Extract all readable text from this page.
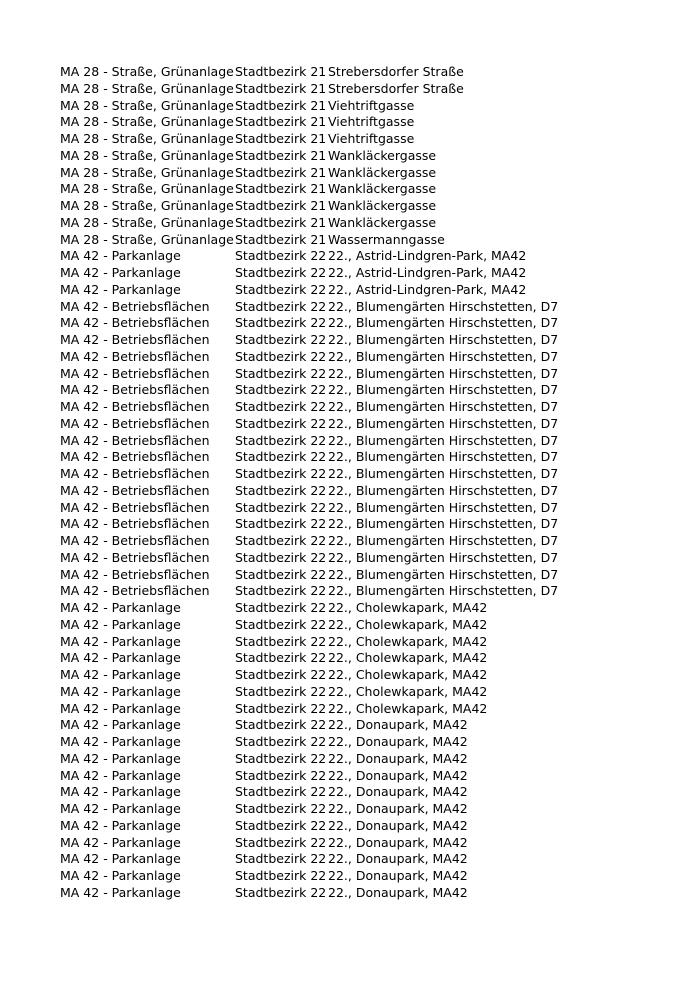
MA 28 - Straße, Grünanlage	Stadtbezirk 21	Strebersdorfer Straße
MA 28 - Straße, Grünanlage	Stadtbezirk 21	Strebersdorfer Straße
MA 28 - Straße, Grünanlage	Stadtbezirk 21	Viehtriftgasse
MA 28 - Straße, Grünanlage	Stadtbezirk 21	Viehtriftgasse
MA 28 - Straße, Grünanlage	Stadtbezirk 21	Viehtriftgasse
MA 28 - Straße, Grünanlage	Stadtbezirk 21	Wankläckergasse
MA 28 - Straße, Grünanlage	Stadtbezirk 21	Wankläckergasse
MA 28 - Straße, Grünanlage	Stadtbezirk 21	Wankläckergasse
MA 28 - Straße, Grünanlage	Stadtbezirk 21	Wankläckergasse
MA 28 - Straße, Grünanlage	Stadtbezirk 21	Wankläckergasse
MA 28 - Straße, Grünanlage	Stadtbezirk 21	Wassermanngasse
MA 42 - Parkanlage	Stadtbezirk 22	22., Astrid-Lindgren-Park, MA42
MA 42 - Parkanlage	Stadtbezirk 22	22., Astrid-Lindgren-Park, MA42
MA 42 - Parkanlage	Stadtbezirk 22	22., Astrid-Lindgren-Park, MA42
MA 42 - Betriebsflächen	Stadtbezirk 22	22., Blumengärten Hirschstetten, D7
MA 42 - Betriebsflächen	Stadtbezirk 22	22., Blumengärten Hirschstetten, D7
MA 42 - Betriebsflächen	Stadtbezirk 22	22., Blumengärten Hirschstetten, D7
MA 42 - Betriebsflächen	Stadtbezirk 22	22., Blumengärten Hirschstetten, D7
MA 42 - Betriebsflächen	Stadtbezirk 22	22., Blumengärten Hirschstetten, D7
MA 42 - Betriebsflächen	Stadtbezirk 22	22., Blumengärten Hirschstetten, D7
MA 42 - Betriebsflächen	Stadtbezirk 22	22., Blumengärten Hirschstetten, D7
MA 42 - Betriebsflächen	Stadtbezirk 22	22., Blumengärten Hirschstetten, D7
MA 42 - Betriebsflächen	Stadtbezirk 22	22., Blumengärten Hirschstetten, D7
MA 42 - Betriebsflächen	Stadtbezirk 22	22., Blumengärten Hirschstetten, D7
MA 42 - Betriebsflächen	Stadtbezirk 22	22., Blumengärten Hirschstetten, D7
MA 42 - Betriebsflächen	Stadtbezirk 22	22., Blumengärten Hirschstetten, D7
MA 42 - Betriebsflächen	Stadtbezirk 22	22., Blumengärten Hirschstetten, D7
MA 42 - Betriebsflächen	Stadtbezirk 22	22., Blumengärten Hirschstetten, D7
MA 42 - Betriebsflächen	Stadtbezirk 22	22., Blumengärten Hirschstetten, D7
MA 42 - Betriebsflächen	Stadtbezirk 22	22., Blumengärten Hirschstetten, D7
MA 42 - Betriebsflächen	Stadtbezirk 22	22., Blumengärten Hirschstetten, D7
MA 42 - Betriebsflächen	Stadtbezirk 22	22., Blumengärten Hirschstetten, D7
MA 42 - Parkanlage	Stadtbezirk 22	22., Cholewkapark, MA42
MA 42 - Parkanlage	Stadtbezirk 22	22., Cholewkapark, MA42
MA 42 - Parkanlage	Stadtbezirk 22	22., Cholewkapark, MA42
MA 42 - Parkanlage	Stadtbezirk 22	22., Cholewkapark, MA42
MA 42 - Parkanlage	Stadtbezirk 22	22., Cholewkapark, MA42
MA 42 - Parkanlage	Stadtbezirk 22	22., Cholewkapark, MA42
MA 42 - Parkanlage	Stadtbezirk 22	22., Cholewkapark, MA42
MA 42 - Parkanlage	Stadtbezirk 22	22., Donaupark, MA42
MA 42 - Parkanlage	Stadtbezirk 22	22., Donaupark, MA42
MA 42 - Parkanlage	Stadtbezirk 22	22., Donaupark, MA42
MA 42 - Parkanlage	Stadtbezirk 22	22., Donaupark, MA42
MA 42 - Parkanlage	Stadtbezirk 22	22., Donaupark, MA42
MA 42 - Parkanlage	Stadtbezirk 22	22., Donaupark, MA42
MA 42 - Parkanlage	Stadtbezirk 22	22., Donaupark, MA42
MA 42 - Parkanlage	Stadtbezirk 22	22., Donaupark, MA42
MA 42 - Parkanlage	Stadtbezirk 22	22., Donaupark, MA42
MA 42 - Parkanlage	Stadtbezirk 22	22., Donaupark, MA42
MA 42 - Parkanlage	Stadtbezirk 22	22., Donaupark, MA42
